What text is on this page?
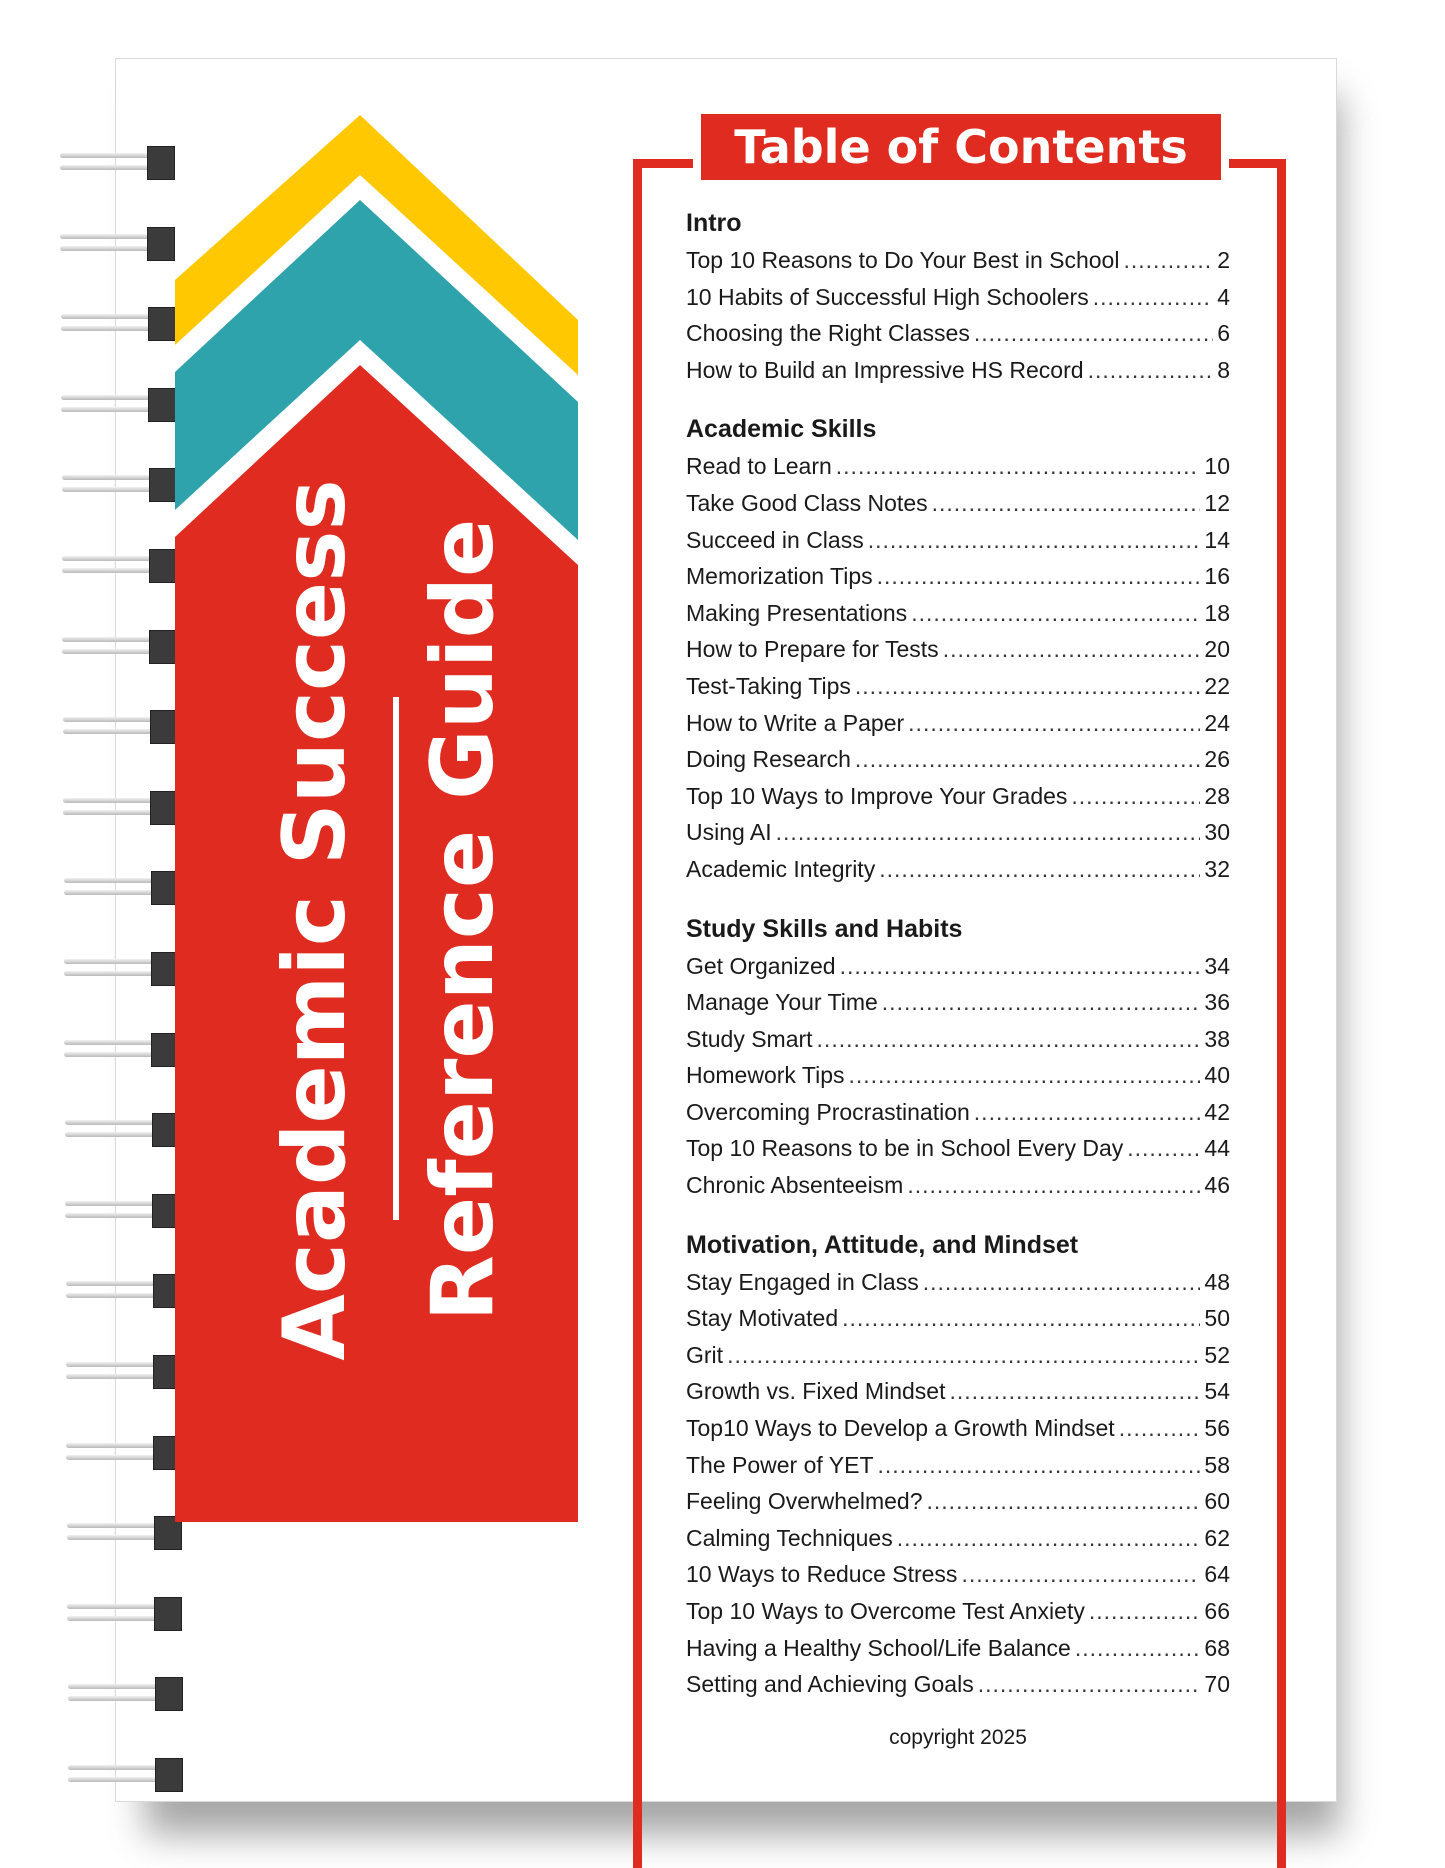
Academic Success Reference Guide
Table of Contents
Intro
Top 10 Reasons to Do Your Best in School .....	2
10 Habits of Successful High Schoolers .....	4
Choosing the Right Classes .....	6
How to Build an Impressive HS Record .....	8
Academic Skills
Read to Learn .....	10
Take Good Class Notes .....	12
Succeed in Class .....	14
Memorization Tips .....	16
Making Presentations .....	18
How to Prepare for Tests .....	20
Test-Taking Tips .....	22
How to Write a Paper .....	24
Doing Research .....	26
Top 10 Ways to Improve Your Grades .....	28
Using AI .....	30
Academic Integrity .....	32
Study Skills and Habits
Get Organized .....	34
Manage Your Time .....	36
Study Smart .....	38
Homework Tips .....	40
Overcoming Procrastination .....	42
Top 10 Reasons to be in School Every Day .....	44
Chronic Absenteeism .....	46
Motivation, Attitude, and Mindset
Stay Engaged in Class .....	48
Stay Motivated .....	50
Grit .....	52
Growth vs. Fixed Mindset .....	54
Top10 Ways to Develop a Growth Mindset .....	56
The Power of YET .....	58
Feeling Overwhelmed? .....	60
Calming Techniques .....	62
10 Ways to Reduce Stress .....	64
Top 10 Ways to Overcome Test Anxiety .....	66
Having a Healthy School/Life Balance .....	68
Setting and Achieving Goals .....	70
copyright 2025
